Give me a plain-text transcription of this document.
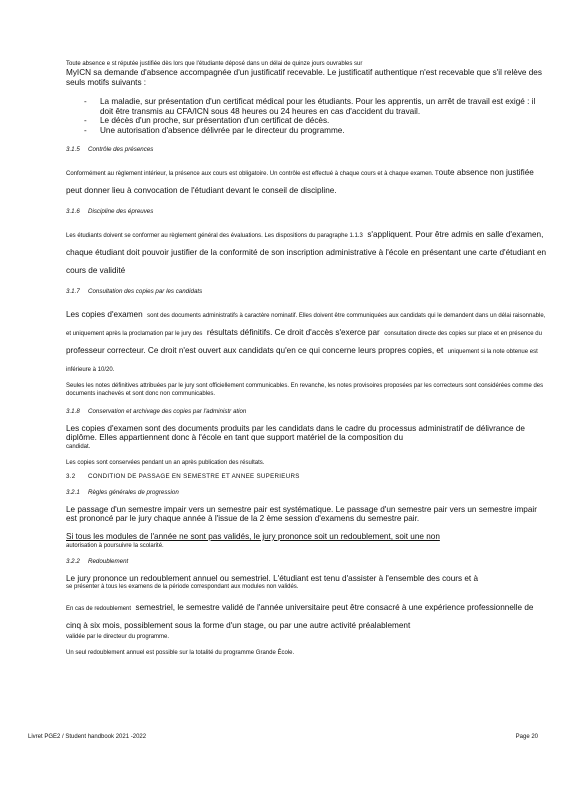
Toute absence e st réputée justifiée dès lors que l'étudiante déposé dans un délai de quinze jours ouvrables sur

MyICN sa demande d'absence accompagnée d'un justificatif recevable. Le justificatif authentique n'est recevable que s'il relève des seuls motifs suivants :

- La maladie, sur présentation d'un certificat médical pour les étudiants. Pour les apprentis, un arrêt de travail est exigé : il doit être transmis au CFA/ICN sous 48 heures ou 24 heures en cas d'accident du travail.
- Le décès d'un proche, sur présentation d'un certificat de décès.
- Une autorisation d'absence délivrée par le directeur du programme.

3.1.5 Contrôle des présences

Conformément au règlement intérieur, la présence aux cours est obligatoire. Un contrôle est effectué à chaque cours et à chaque examen. Toute absence non justifiée peut donner lieu à convocation de l'étudiant devant le conseil de discipline.

3.1.6 Discipline des épreuves

Les étudiants doivent se conformer au règlement général des évaluations. Les dispositions du paragraphe 1.1.3 s'appliquent. Pour être admis en salle d'examen, chaque étudiant doit pouvoir justifier de la conformité de son inscription administrative à l'école en présentant une carte d'étudiant en cours de validité

3.1.7 Consultation des copies par les candidats

Les copies d'examen sont des documents administratifs à caractère nominatif. Elles doivent être communiquées aux candidats qui le demandent dans un délai raisonnable, et uniquement après la proclamation par le jury des résultats définitifs. Ce droit d'accès s'exerce par consultation directe des copies sur place et en présence du professeur correcteur. Ce droit n'est ouvert aux candidats qu'en ce qui concerne leurs propres copies, et uniquement si la note obtenue est inférieure à 10/20.

Seules les notes définitives attribuées par le jury sont officiellement communicables. En revanche, les notes provisoires proposées par les correcteurs sont considérées comme des documents inachevés et sont donc non communicables.

3.1.8 Conservation et archivage des copies par l'administr ation

Les copies d'examen sont des documents produits par les candidats dans le cadre du processus administratif de délivrance de diplôme. Elles appartiennent donc à l'école en tant que support matériel de la composition du

candidat.

Les copies sont conservées pendant un an après publication des résultats.

3.2 CONDITION DE PASSAGE EN SEMESTRE ET ANNEE SUPERIEURS

3.2.1 Règles générales de progression

Le passage d'un semestre impair vers un semestre pair est systématique. Le passage d'un semestre pair vers un semestre impair est prononcé par le jury chaque année à l'issue de la 2 ème session d'examens du semestre pair.

Si tous les modules de l'année ne sont pas validés, le jury prononce soit un redoublement, soit une non

autorisation à poursuivre la scolarité.

3.2.2 Redoublement

Le jury prononce un redoublement annuel ou semestriel. L'étudiant est tenu d'assister à l'ensemble des cours et à

se présenter à tous les examens de la période correspondant aux modules non validés.

En cas de redoublement semestriel, le semestre validé de l'année universitaire peut être consacré à une expérience professionnelle de cinq à six mois, possiblement sous la forme d'un stage, ou par une autre activité préalablement

validée par le directeur du programme.

Un seul redoublement annuel est possible sur la totalité du programme Grande École.

Livret PGE2 / Student handbook 2021 -2022	Page 20
